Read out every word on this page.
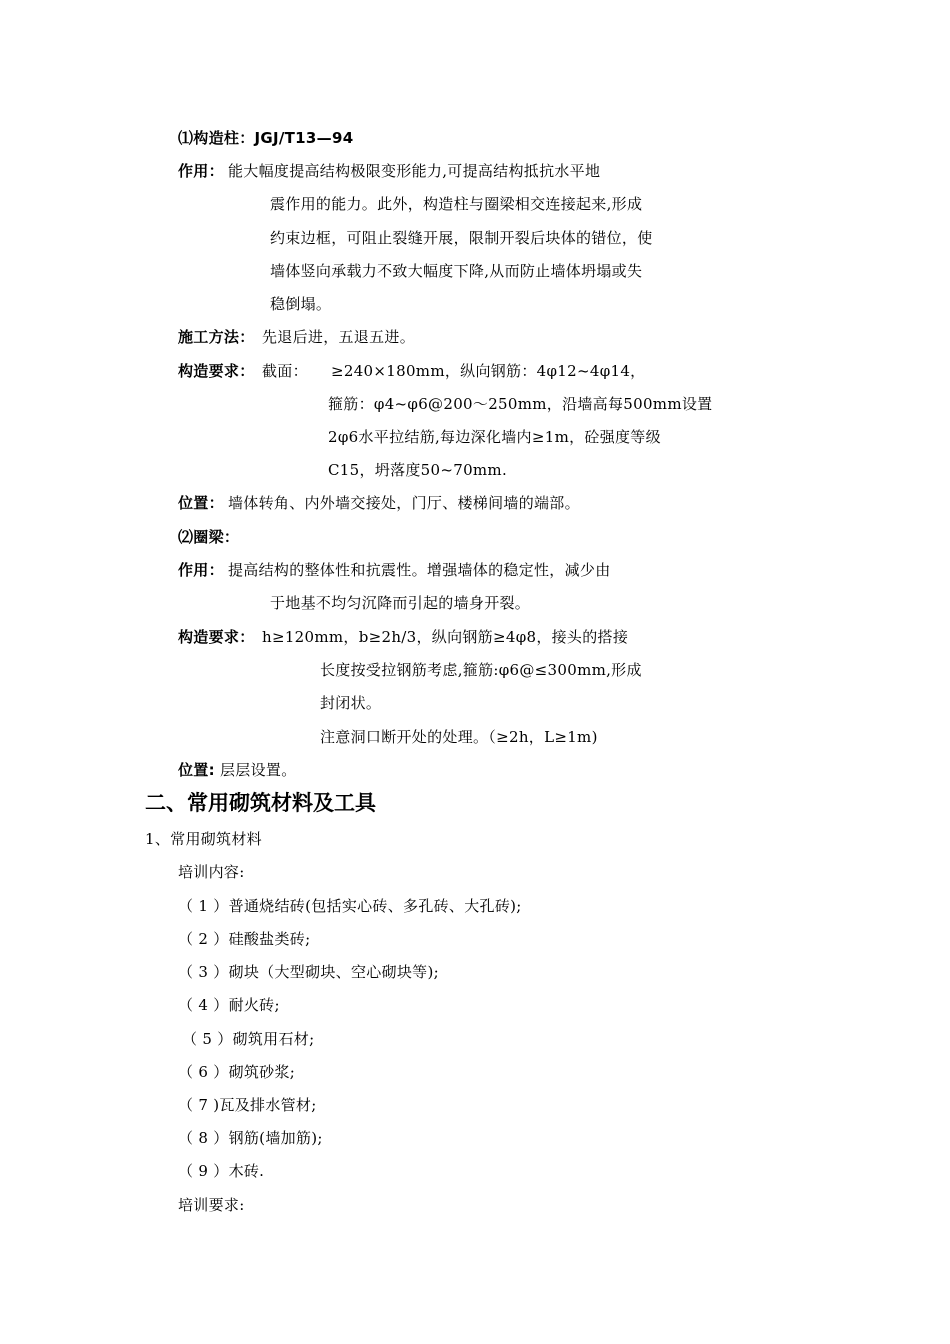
⑴构造柱：JGJ/T13—94
作用： 能大幅度提高结构极限变形能力,可提高结构抵抗水平地
震作用的能力。此外，构造柱与圈梁相交连接起来,形成
约束边框，可阻止裂缝开展，限制开裂后块体的错位，使
墙体竖向承载力不致大幅度下降,从而防止墙体坍塌或失
稳倒塌。
施工方法： 先退后进，五退五进。
构造要求： 截面：　　≥240×180mm，纵向钢筋：4φ12~4φ14，
箍筋：φ4~φ6@200～250mm，沿墙高每500mm设置
2φ6水平拉结筋,每边深化墙内≥1m，砼强度等级
C15，坍落度50~70mm.
位置： 墙体转角、内外墙交接处，门厅、楼梯间墙的端部。
⑵圈梁：
作用： 提高结构的整体性和抗震性。增强墙体的稳定性，减少由
于地基不均匀沉降而引起的墙身开裂。
构造要求： h≥120mm，b≥2h/3，纵向钢筋≥4φ8，接头的搭接
长度按受拉钢筋考虑,箍筋:φ6@≤300mm,形成
封闭状。
注意洞口断开处的处理。（≥2h，L≥1m)
位置: 层层设置。
二、常用砌筑材料及工具
1、常用砌筑材料
培训内容:
（ 1 ）普通烧结砖(包括实心砖、多孔砖、大孔砖);
（ 2 ）硅酸盐类砖;
（ 3 ）砌块（大型砌块、空心砌块等);
（ 4 ）耐火砖;
（ 5 ）砌筑用石材;
（ 6 ）砌筑砂浆;
（ 7 )瓦及排水管材;
（ 8 ）钢筋(墙加筋);
（ 9 ）木砖.
培训要求:
